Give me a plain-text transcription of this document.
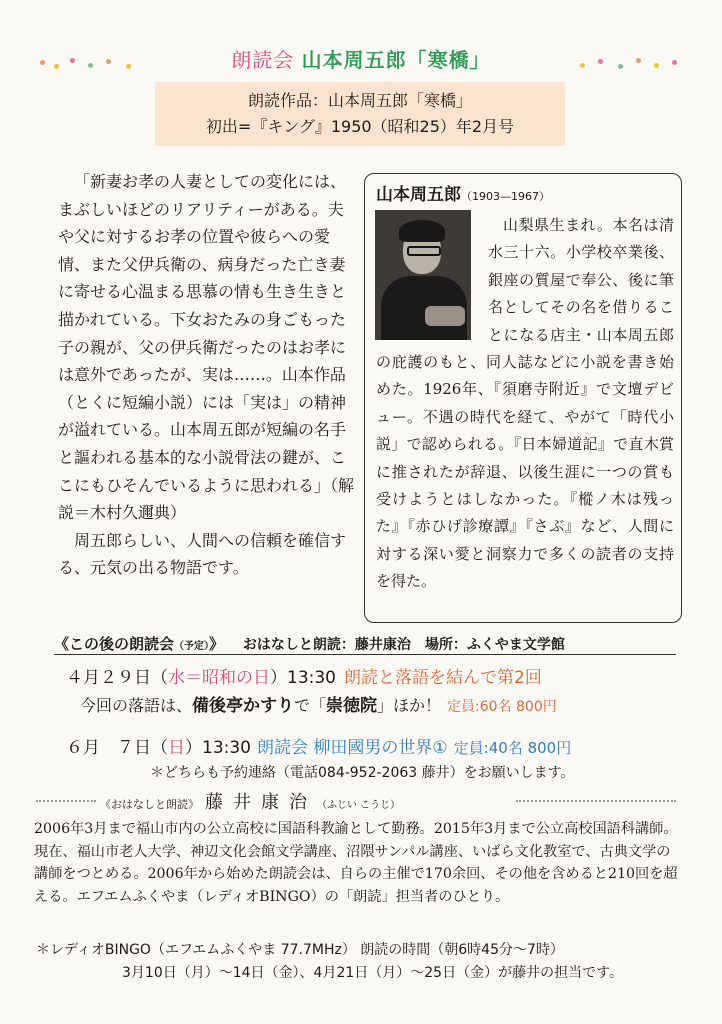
朗読会 山本周五郎「寒橋」
朗読作品：山本周五郎「寒橋」
初出=『キング』1950（昭和25）年2月号

「新妻お孝の人妻としての変化には、まぶしいほどのリアリティーがある。夫や父に対するお孝の位置や彼らへの愛情、また父伊兵衛の、病身だった亡き妻に寄せる心温まる思慕の情も生き生きと描かれている。下女おたみの身ごもった子の親が、父の伊兵衛だったのはお孝には意外であったが、実は……。山本作品（とくに短編小説）には「実は」の精神が溢れている。山本周五郎が短編の名手と謳われる基本的な小説骨法の鍵が、ここにもひそんでいるように思われる」（解説＝木村久邇典）

周五郎らしい、人間への信頼を確信する、元気の出る物語です。

山本周五郎（1903—1967）
山梨県生まれ。本名は清水三十六。小学校卒業後、銀座の質屋で奉公、後に筆名としてその名を借りることになる店主・山本周五郎の庇護のもと、同人誌などに小説を書き始めた。1926年、『須磨寺附近』で文壇デビュー。不遇の時代を経て、やがて「時代小説」で認められる。『日本婦道記』で直木賞に推されたが辞退、以後生涯に一つの賞も受けようとはしなかった。『樅ノ木は残った』『赤ひげ診療譚』『さぶ』など、人間に対する深い愛と洞察力で多くの読者の支持を得た。
《この後の朗読会（予定）》 おはなしと朗読：藤井康治　場所：ふくやま文学館
４月２９日（水＝昭和の日）13:30 朗読と落語を結んで第2回
今回の落語は、備後亭かすりで「崇徳院」ほか！ 定員:60名 800円
６月　７日（日）13:30 朗読会 柳田國男の世界① 定員:40名 800円
＊どちらも予約連絡（電話084-952-2063 藤井）をお願いします。
《おはなしと朗読》 藤井康治（ふじい こうじ）
2006年3月まで福山市内の公立高校に国語科教諭として勤務。2015年3月まで公立高校国語科講師。現在、福山市老人大学、神辺文化会館文学講座、沼隈サンパル講座、いばら文化教室で、古典文学の講師をつとめる。2006年から始めた朗読会は、自らの主催で170余回、その他を含めると210回を超える。エフエムふくやま（レディオBINGO）の「朗読」担当者のひとり。
＊レディオBINGO（エフエムふくやま 77.7MHz） 朗読の時間（朝6時45分〜7時）
3月10日（月）〜14日（金）、4月21日（月）〜25日（金）が藤井の担当です。
